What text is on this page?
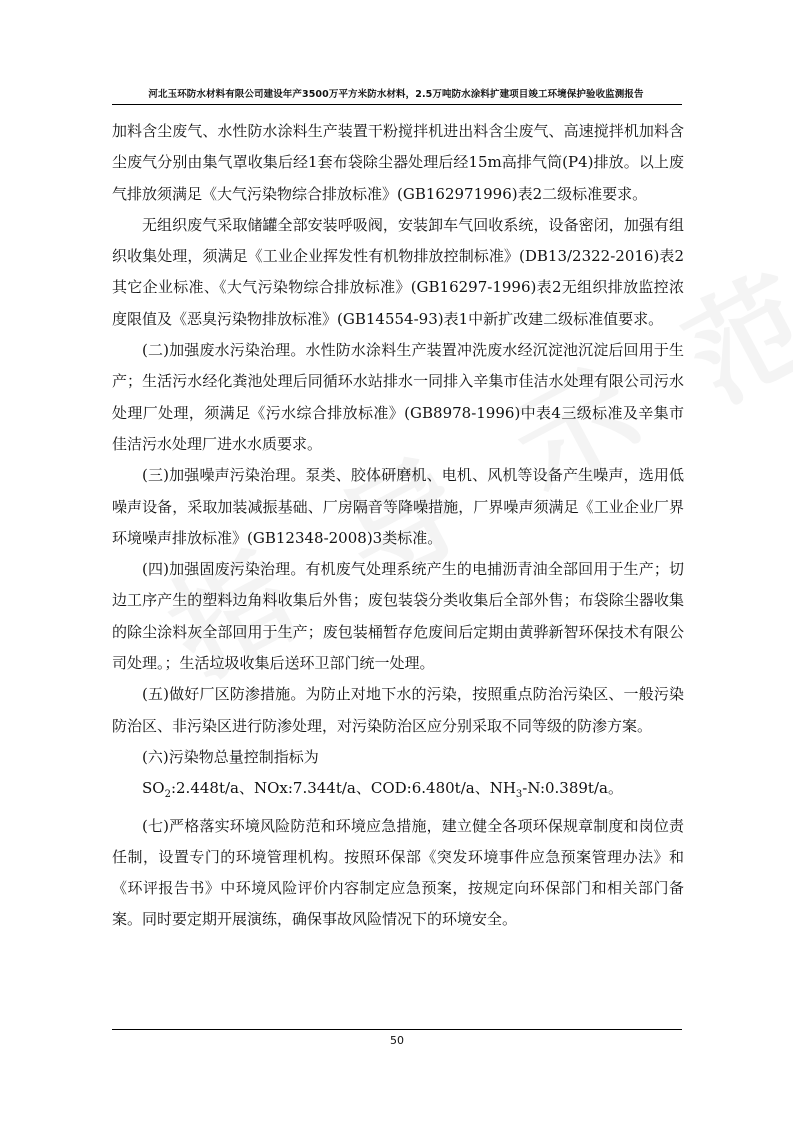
河北玉环防水材料有限公司建设年产3500万平方米防水材料，2.5万吨防水涂料扩建项目竣工环境保护验收监测报告

加料含尘废气、水性防水涂料生产装置干粉搅拌机进出料含尘废气、高速搅拌机加料含尘废气分别由集气罩收集后经1套布袋除尘器处理后经15m高排气筒(P4)排放。以上废气排放须满足《大气污染物综合排放标准》(GB162971996)表2二级标准要求。

无组织废气采取储罐全部安装呼吸阀，安装卸车气回收系统，设备密闭，加强有组织收集处理，须满足《工业企业挥发性有机物排放控制标准》(DB13/2322-2016)表2其它企业标准、《大气污染物综合排放标准》(GB16297-1996)表2无组织排放监控浓度限值及《恶臭污染物排放标准》(GB14554-93)表1中新扩改建二级标准值要求。

(二)加强废水污染治理。水性防水涂料生产装置冲洗废水经沉淀池沉淀后回用于生产；生活污水经化粪池处理后同循环水站排水一同排入辛集市佳洁水处理有限公司污水处理厂处理，须满足《污水综合排放标准》(GB8978-1996)中表4三级标准及辛集市佳洁污水处理厂进水水质要求。

(三)加强噪声污染治理。泵类、胶体研磨机、电机、风机等设备产生噪声，选用低噪声设备，采取加装减振基础、厂房隔音等降噪措施，厂界噪声须满足《工业企业厂界环境噪声排放标准》(GB12348-2008)3类标准。

(四)加强固废污染治理。有机废气处理系统产生的电捕沥青油全部回用于生产；切边工序产生的塑料边角料收集后外售；废包装袋分类收集后全部外售；布袋除尘器收集的除尘涂料灰全部回用于生产；废包装桶暂存危废间后定期由黄骅新智环保技术有限公司处理。；生活垃圾收集后送环卫部门统一处理。

(五)做好厂区防渗措施。为防止对地下水的污染，按照重点防治污染区、一般污染防治区、非污染区进行防渗处理，对污染防治区应分别采取不同等级的防渗方案。

(六)污染物总量控制指标为

$SO_2:2.448t/a$、NOx:7.344t/a、COD:6.480t/a、$NH_3-N:0.389t/a$。

(七)严格落实环境风险防范和环境应急措施，建立健全各项环保规章制度和岗位责任制，设置专门的环境管理机构。按照环保部《突发环境事件应急预案管理办法》和《环评报告书》中环境风险评价内容制定应急预案，按规定向环保部门和相关部门备案。同时要定期开展演练，确保事故风险情况下的环境安全。

50
